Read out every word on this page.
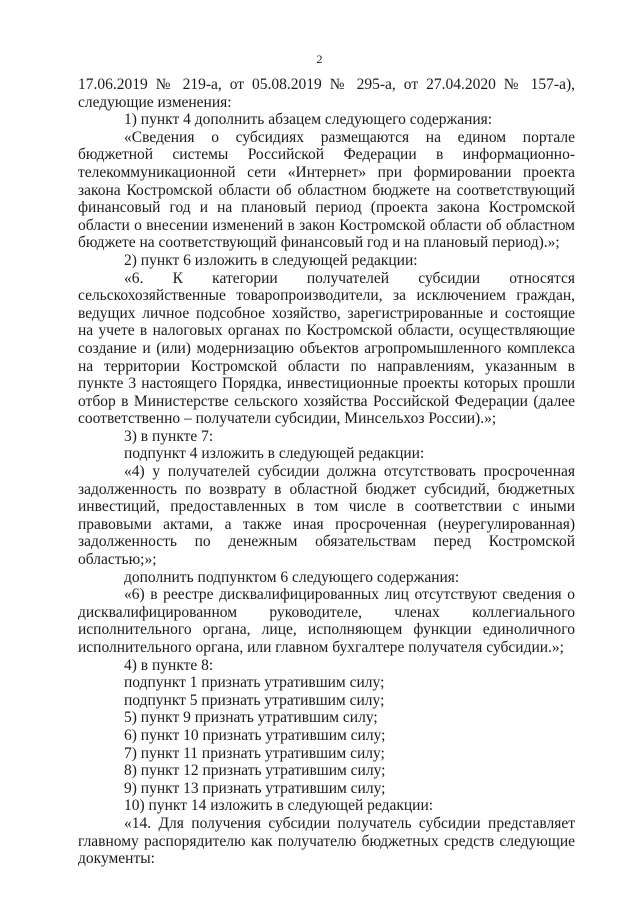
2

17.06.2019 № 219-а, от 05.08.2019 № 295-а, от 27.04.2020 № 157-а), следующие изменения:

1) пункт 4 дополнить абзацем следующего содержания:

«Сведения о субсидиях размещаются на едином портале бюджетной системы Российской Федерации в информационно-телекоммуникационной сети «Интернет» при формировании проекта закона Костромской области об областном бюджете на соответствующий финансовый год и на плановый период (проекта закона Костромской области о внесении изменений в закон Костромской области об областном бюджете на соответствующий финансовый год и на плановый период).»;

2) пункт 6 изложить в следующей редакции:

«6. К категории получателей субсидии относятся сельскохозяйственные товаропроизводители, за исключением граждан, ведущих личное подсобное хозяйство, зарегистрированные и состоящие на учете в налоговых органах по Костромской области, осуществляющие создание и (или) модернизацию объектов агропромышленного комплекса на территории Костромской области по направлениям, указанным в пункте 3 настоящего Порядка, инвестиционные проекты которых прошли отбор в Министерстве сельского хозяйства Российской Федерации (далее соответственно – получатели субсидии, Минсельхоз России).»;

3) в пункте 7:

подпункт 4 изложить в следующей редакции:

«4) у получателей субсидии должна отсутствовать просроченная задолженность по возврату в областной бюджет субсидий, бюджетных инвестиций, предоставленных в том числе в соответствии с иными правовыми актами, а также иная просроченная (неурегулированная) задолженность по денежным обязательствам перед Костромской областью;»;

дополнить подпунктом 6 следующего содержания:

«6) в реестре дисквалифицированных лиц отсутствуют сведения о дисквалифицированном руководителе, членах коллегиального исполнительного органа, лице, исполняющем функции единоличного исполнительного органа, или главном бухгалтере получателя субсидии.»;

4) в пункте 8:

подпункт 1 признать утратившим силу;

подпункт 5 признать утратившим силу;

5) пункт 9 признать утратившим силу;

6) пункт 10 признать утратившим силу;

7) пункт 11 признать утратившим силу;

8) пункт 12 признать утратившим силу;

9) пункт 13 признать утратившим силу;

10) пункт 14 изложить в следующей редакции:

«14. Для получения субсидии получатель субсидии представляет главному распорядителю как получателю бюджетных средств следующие документы:
